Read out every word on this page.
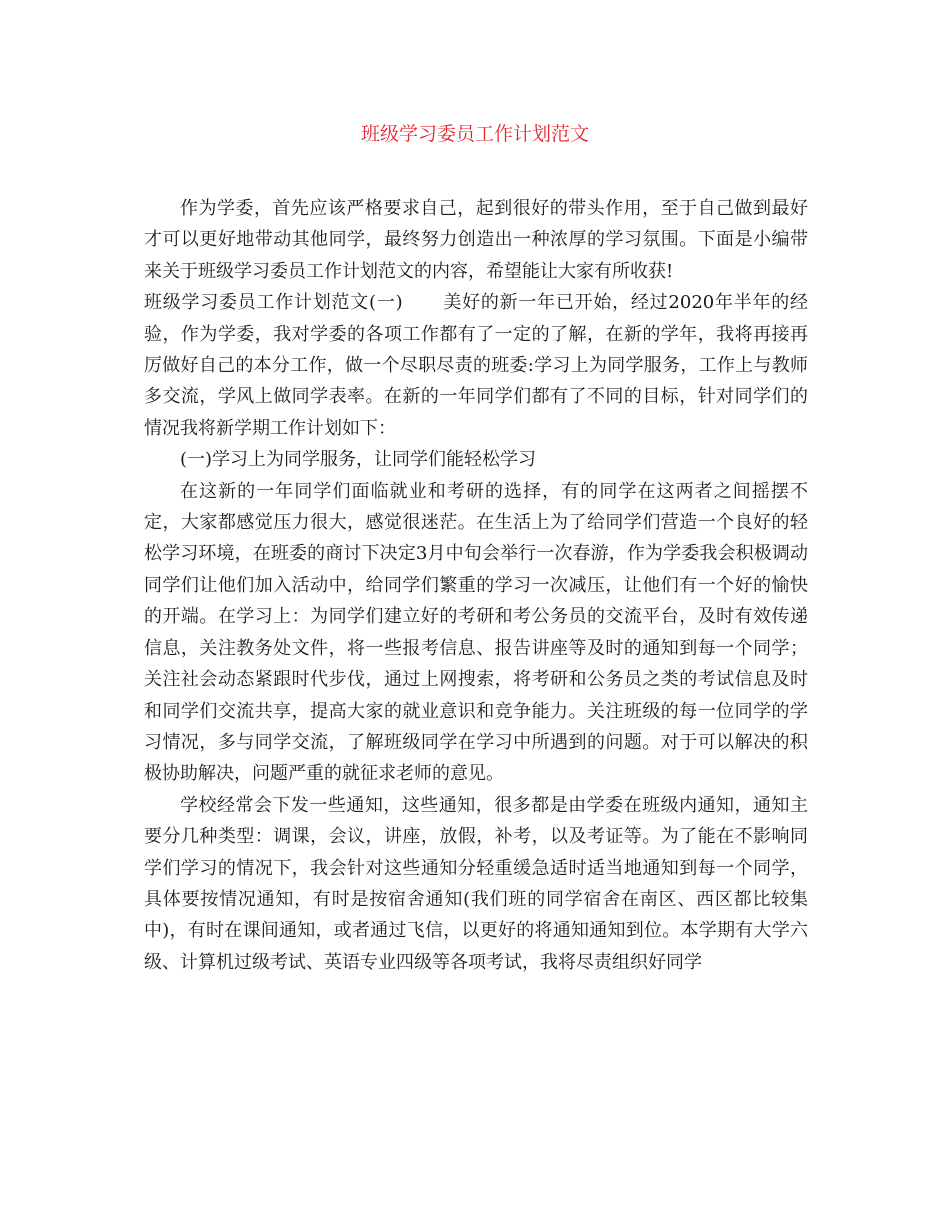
班级学习委员工作计划范文

作为学委，首先应该严格要求自己，起到很好的带头作用，至于自己做到最好才可以更好地带动其他同学，最终努力创造出一种浓厚的学习氛围。下面是小编带来关于班级学习委员工作计划范文的内容，希望能让大家有所收获!

班级学习委员工作计划范文(一) 美好的新一年已开始，经过2020年半年的经验，作为学委，我对学委的各项工作都有了一定的了解，在新的学年，我将再接再厉做好自己的本分工作，做一个尽职尽责的班委:学习上为同学服务，工作上与教师多交流，学风上做同学表率。在新的一年同学们都有了不同的目标，针对同学们的情况我将新学期工作计划如下：

(一)学习上为同学服务，让同学们能轻松学习

在这新的一年同学们面临就业和考研的选择，有的同学在这两者之间摇摆不定，大家都感觉压力很大，感觉很迷茫。在生活上为了给同学们营造一个良好的轻松学习环境，在班委的商讨下决定3月中旬会举行一次春游，作为学委我会积极调动同学们让他们加入活动中，给同学们繁重的学习一次减压，让他们有一个好的愉快的开端。在学习上：为同学们建立好的考研和考公务员的交流平台，及时有效传递信息，关注教务处文件，将一些报考信息、报告讲座等及时的通知到每一个同学；关注社会动态紧跟时代步伐，通过上网搜索，将考研和公务员之类的考试信息及时和同学们交流共享，提高大家的就业意识和竞争能力。关注班级的每一位同学的学习情况，多与同学交流，了解班级同学在学习中所遇到的问题。对于可以解决的积极协助解决，问题严重的就征求老师的意见。

学校经常会下发一些通知，这些通知，很多都是由学委在班级内通知，通知主要分几种类型：调课，会议，讲座，放假，补考，以及考证等。为了能在不影响同学们学习的情况下，我会针对这些通知分轻重缓急适时适当地通知到每一个同学，具体要按情况通知，有时是按宿舍通知(我们班的同学宿舍在南区、西区都比较集中)，有时在课间通知，或者通过飞信，以更好的将通知通知到位。本学期有大学六级、计算机过级考试、英语专业四级等各项考试，我将尽责组织好同学
